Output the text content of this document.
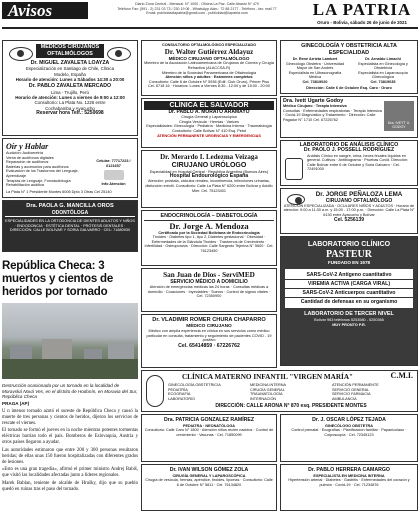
Avisos	Diario Zona Central - Mensual. N° 1000 - Oficina La Paz. Calle Abasto N° 470
Teléfono Fax: (591 - 2) 231 03 73 / 230 19 06 - WhatsApp Adm.: 72 88 2177 - Teléfono - fax: mail 77
Email: publicidadlapatria@gmail.com - publicidad@lapatria.com	LA PATRIA
Oruro - Bolivia, sábado 26 de junio de 2021
MÉDICOS CIRUJANOS
OFTALMÓLOGOS
Dr. MIGUEL ZAVALETA LOAYZA
Especialización en Santiago de Chile, Clínica
Modelo, España
Horario de atención: Lunes a Sábados 14:30 a 20:00
Dr. PABLO ZAVALETA MERCADO
Lima - Trujillo, Perú
Horario de atención: Lunes a viernes de 9:00 a 12:00
Consultorio: La Plata No. 1225 entre
Cochabamba y Ayacucho
Reservar hora Telf.: 5250698
Oír y Hablar
Audición: Audiometría
Venta de audífonos digitales
Reparación de audífonos
Baterías y accesorios para audífonos
Evaluación de los Trastornos del Lenguaje, Aprendizaje
Terapias de Lenguaje, Fonoaudiología
Rehabilitación auditiva
Celular: 77717223 / 6121657
Info Atención
La Plata N° 1 Presidente Montes 6006 Dpto 3 Otras Cel 25140
Dra. PAOLA G. MANCILLA OROS
ODONTÓLOGA
ESPECIALIDADES EN LA ORTODONCIA DE DIENTES ADULTOS Y NIÑOS · ENDODONCIA · ESTÉTICA DENTAL · PRÓTESIS DENTALES · DIRECCIÓN: CALLE BOLÍVAR Y SORIA GALVARRO · CEL: 71880930
República Checa: 3 muertos y cientos de heridos por tornado
Destrucción ocasionada por un tornado en la localidad de Moravská Nová Ves, en el distrito de Hodonín, en Moravia del Sur, República Checa
PRAGA (AP)

U n intenso tornado azotó el sureste de República Checa y causó la muerte de tres personas y cientos de heridos, dijeron los servicios de rescate el viernes.

El tornado se formó el jueves en la noche mientras potentes tormentas eléctricas barrían todo el país. Bomberos de Eslovaquia, Austria y otros países llegaron a ayudar.

Las autoridades estimaron que entre 200 y 300 personas resultaron heridas; de ellas unas 150 fueron hospitalizadas con diferentes grados de lesiones.

«Esto es una gran tragedia», afirmó el primer ministro Andrej Babiš, que visitó las localidades afectadas junto a líderes regionales.

Marek Bablan, teniente de alcalde de Hrušky, dijo que su pueblo quedó en ruinas tras el paso del tornado.

CONSULTORIO OFTALMOLÓGICO ESPECIALIZADO
Dr. Walter Gutiérrez Aldayuz
MÉDICO CIRUJANO OFTALMÓLOGO
Miembro de la Asociación Latinoamericana de Cirujanos de Córnea y Cirugía Refractiva (ALACCSA-R)
Miembro de la Sociedad Panamericana de Oftalmología
Atención niños y adultos · Exámenes completos
Consultorio: Calle 6 de Octubre N° 5936 (Edif. Club Oruro), Primer Piso
Cel. 6718 16 · Horarios: Lunes a Viernes 8:30 - 12:00 y de 15:00 - 20:00
CLÍNICA EL SALVADOR
Dr. PABLO A. MORATO ARAMAYO
Cirugía General y Laparoscópica
Cirugía Vesícula · Hernias · Varices
Especialidades: Ginecología · Pediatría · Medicina Interna · Traumatología
Consultorio: Calle Bolívar N° 410 Esq. Petot
ATENCIÓN PERMANENTE URGENCIAS Y EMERGENCIAS
Dr. Merardo I. Ledezma Veizaga
CIRUJANO URÓLOGO
Especialidad en Hospital Central · República Argentina (Buenos Aires)
Hospital Endourológico España
Atención: próstata, cálculos renales, incontinencia, infecciones urinarias, disfunción eréctil. Consultorio: Calle La Plata N° 6200 entre Bolívar y Adolfo Mier. Cel. 75123401
ENDOCRINOLOGÍA – DIABETOLOGÍA
Dr. Jorge A. Mendoza
Certificado por la Sociedad Boliviana de Endocrinología
Tiroides · Diabetes tipo 1, tipo 2, Diabetes gestacional · Obesidad · Enfermedades de la Glándula Tiroides · Trastornos de Crecimiento · Infertilidad · Osteoporosis · Dirección: Calle Sargento Tejerina N° 5600 · Cel. 76123450
San Juan de Dios - ServiMED
SERVICIO MÉDICO A DOMICILIO
Atención de emergencias médicas las 24 horas · Consultas médicas a domicilio · Curaciones · Inyectables · Sueros · Control de signos vitales · Cel. 72350900
Dr. VLADIMIR ROMER CHURA CHAPARRO
MÉDICO CIRUJANO
Médico con amplia experiencia en clínica en sus servicios como médico particular en consulta, tratamiento y seguimiento de pacientes COVID - 19 positivo
Cel. 65414859 · 67226762
GINECOLOGÍA Y OBSTETRICIA ALTA ESPECIALIDAD
Dr. René Arrieta Lambert
Ginecólogo Obstetra · Universidad Mayor de San Andrés
Especialista en Ultrasonografía Médica
Cel. 73819020
Dr. Arnaldo Limachi
Especialista en Ginecología y Obstetricia
Especialista en Laparoscopía Ginecológica
Cel. 73819035
Dirección: Calle 6 de Octubre Esq. Caro · Oruro
Dra. Ivett Ugarte Godoy
Médico Cirujano · Terapia Intensiva
Consultas · Enfermedades respiratorias · Terapia Intensiva · Covid-19 Diagnóstico y Tratamiento · Dirección: Calle Pagador N° 1710 Cel. 67226762
Dra. IVETT U. GODOY
LABORATORIO DE ANÁLISIS CLÍNICO
Dr. PAOLO J. POSSELL RODRÍGUEZ
Análisis Clínico en sangre, orina, heces fecales líquidos en general. Cultivos · Antibiograma · Pruebas Covid. Dirección: Calle Bolívar entre 6 de Octubre y Soria Galvarro · Cel. 72491000
Dr. JORGE PEÑALOZA LEMA
CIRUJANO OFTALMÓLOGO
ATENCIÓN ESPECIALIZADA · OCULARES NIÑOS Y ADULTOS · Horario de atención: 9:00 a 11:30 a.m. y 15:00 - 17:00 p.m. · Dirección: Calle La Plata N° 6130 entre Ayacucho y Bolívar
Cel. 5256139
LABORATORIO CLÍNICO
PASTEUR
FUNDADO EN 1978
SARS-CoV-2 Antígeno cuantitativo
VIREMIA ACTIVA (CARGA VIRAL)
SARS-CoV-2 Anticuerpos cuantitativo
Cantidad de defensas en su organismo
LABORATORIO DE TERCER NIVEL
Bolívar 963 teléfonos 5253580 - 5250366
MUY PRONTO P.R.
CLÍNICA MATERNO INFANTIL "VIRGEN MARÍA"	C.M.I.
GINECOLOGÍA OBSTETRICIA
PEDIATRÍA
ECOGRAFÍA
LABORATORIO
MEDICINA INTERNA
CIRUGÍA GENERAL
TRAUMATOLOGÍA
INTERNACIÓN
ATENCIÓN PERMANENTE
SERVICIO GENERAL
SERVICIO FARMACIA
AMBULANCIA
DIRECCIÓN: CALLE ARONA N° 870 esq. PRESIDENTE MONTES
Dra. PATRICIA GONZALEZ RAMÍREZ
PEDIATRA · NEONATÓLOGA
Consultorio: Calle Caro N° 1800 · Atención niños recién nacidos · Control de crecimiento · Vacunas · Cel. 71850099
Dr. J. OSCAR LÓPEZ TEJADA
GINECÓLOGO OBSTETRA
Control prenatal · Ecografías · Planificación familiar · Papanicolaou · Colposcopía · Cel. 72345123
Dr. IVAN WILSON GÓMEZ ZOLA
CIRUGÍA GENERAL Y LAPAROSCÓPICA
Cirugía de vesícula, hernias, apéndice, tiroides, lipomas · Consultorio: Calle 6 de Octubre N° 5811 · Cel. 76134820
Dr. PABLO HERRERA CAMARGO
ESPECIALISTA EN MEDICINA INTERNA
Hipertensión arterial · Diabetes · Gastritis · Enfermedades del corazón y pulmón · Covid-19 · Cel. 71234876
